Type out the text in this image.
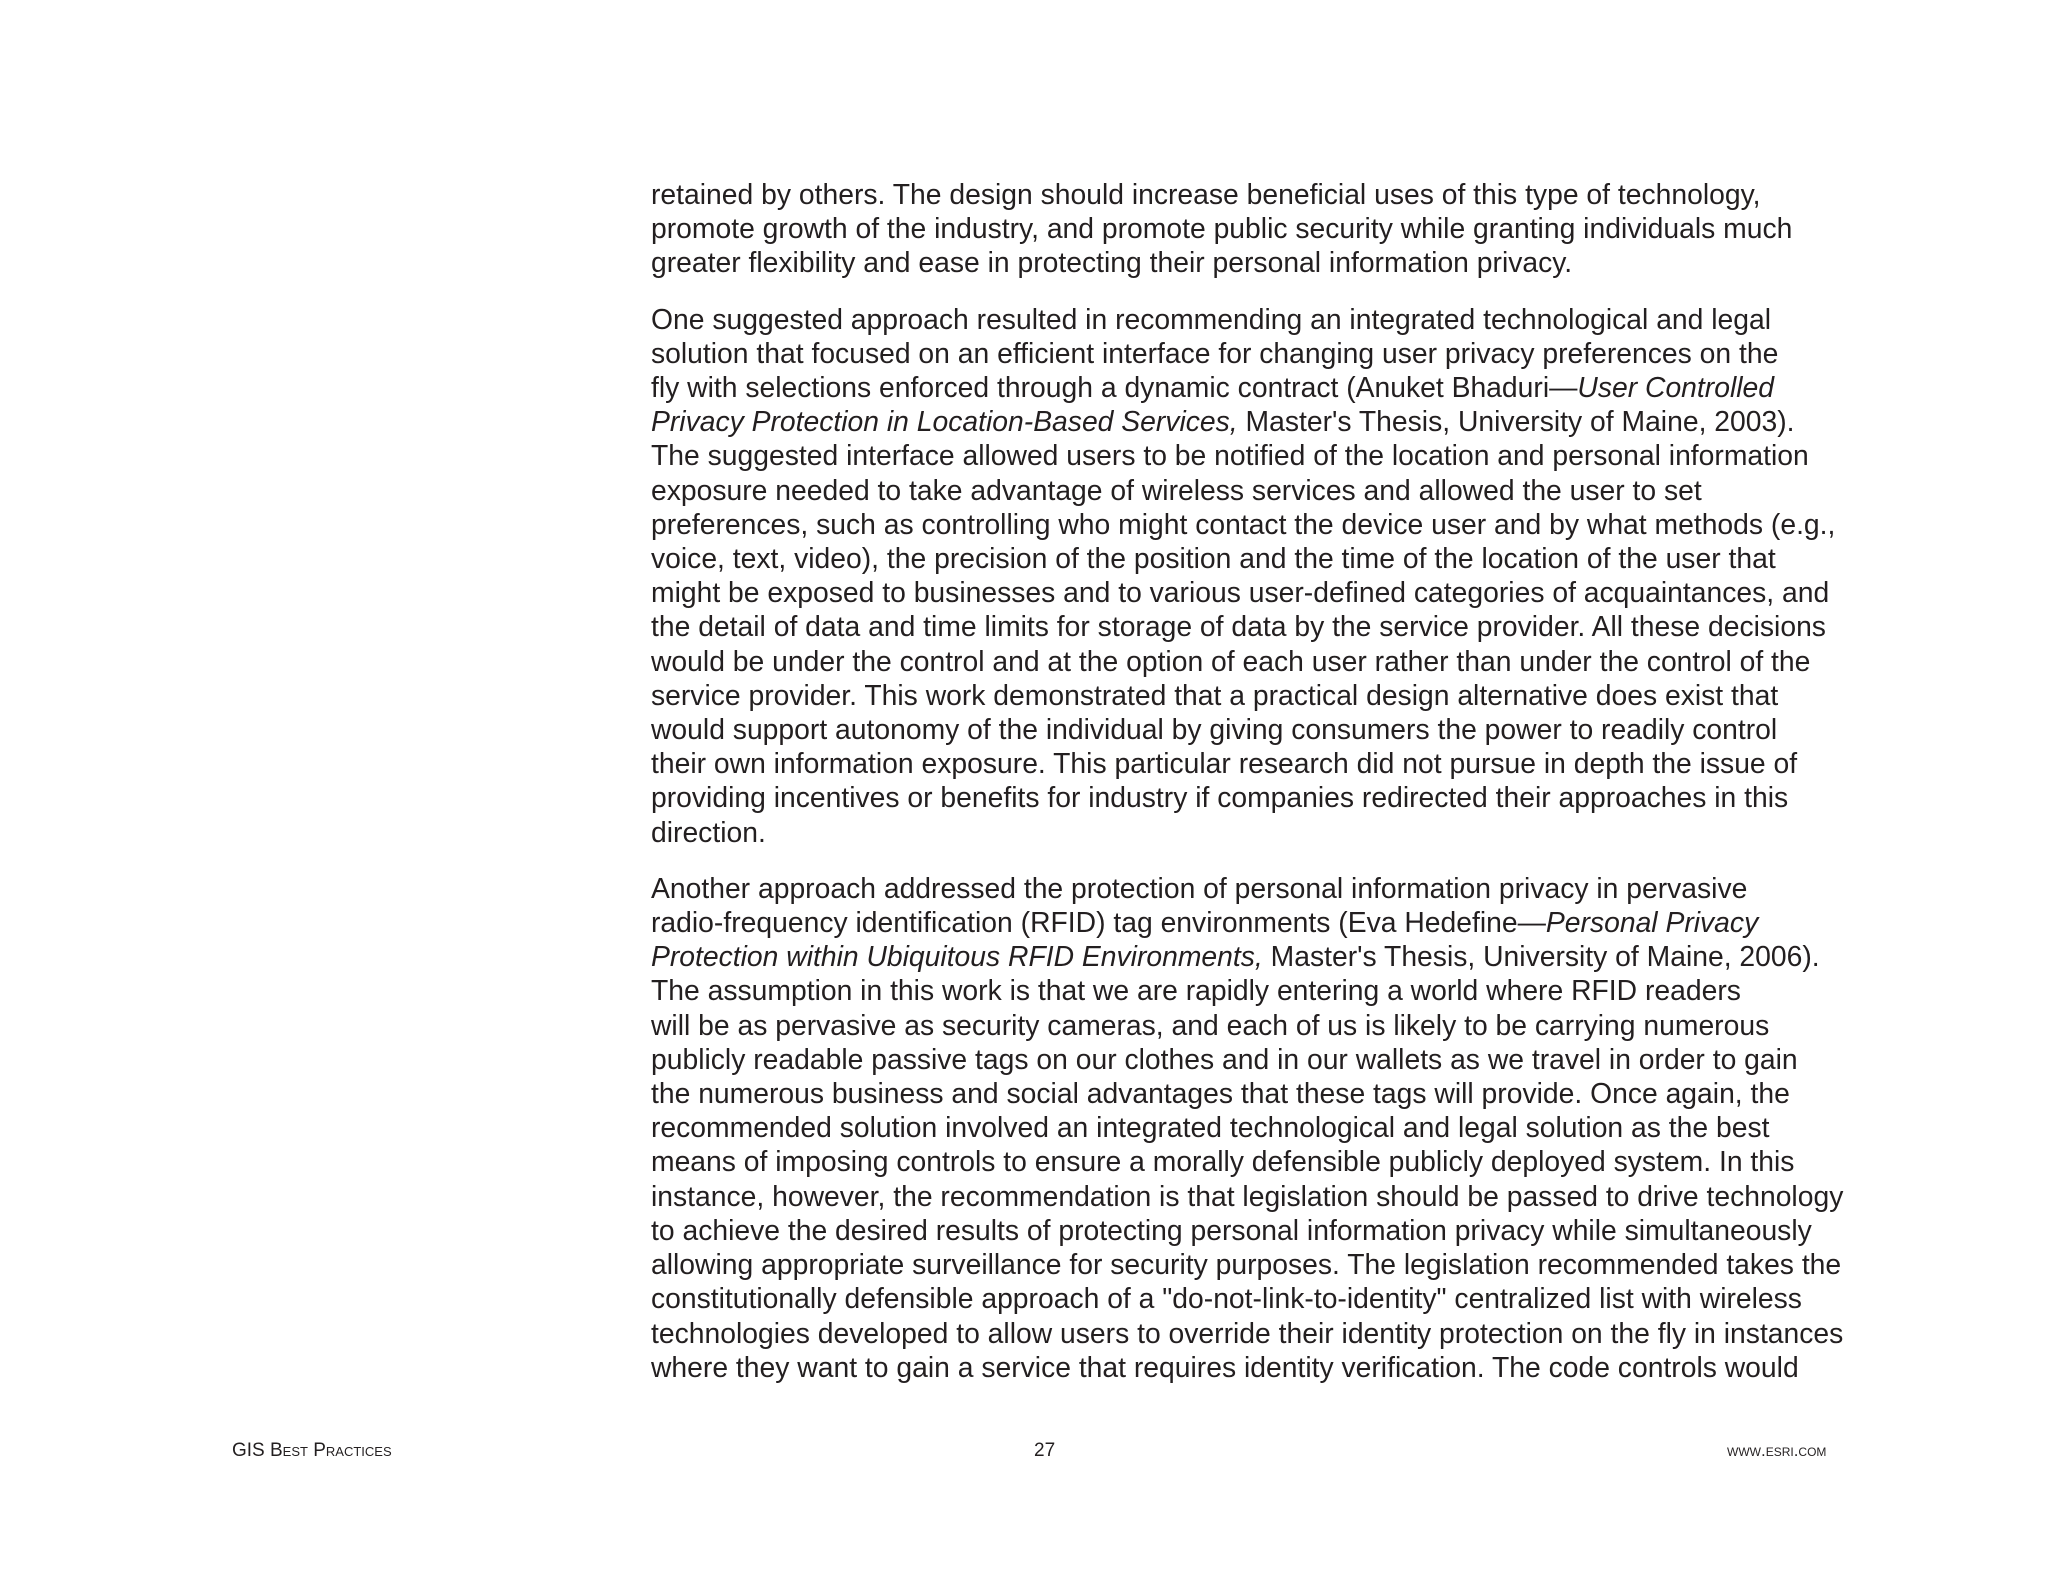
retained by others. The design should increase beneficial uses of this type of technology,
promote growth of the industry, and promote public security while granting individuals much
greater flexibility and ease in protecting their personal information privacy.

One suggested approach resulted in recommending an integrated technological and legal
solution that focused on an efficient interface for changing user privacy preferences on the
fly with selections enforced through a dynamic contract (Anuket Bhaduri—User Controlled
Privacy Protection in Location-Based Services, Master's Thesis, University of Maine, 2003).
The suggested interface allowed users to be notified of the location and personal information
exposure needed to take advantage of wireless services and allowed the user to set
preferences, such as controlling who might contact the device user and by what methods (e.g.,
voice, text, video), the precision of the position and the time of the location of the user that
might be exposed to businesses and to various user-defined categories of acquaintances, and
the detail of data and time limits for storage of data by the service provider. All these decisions
would be under the control and at the option of each user rather than under the control of the
service provider. This work demonstrated that a practical design alternative does exist that
would support autonomy of the individual by giving consumers the power to readily control
their own information exposure. This particular research did not pursue in depth the issue of
providing incentives or benefits for industry if companies redirected their approaches in this
direction.

Another approach addressed the protection of personal information privacy in pervasive
radio-frequency identification (RFID) tag environments (Eva Hedefine—Personal Privacy
Protection within Ubiquitous RFID Environments, Master's Thesis, University of Maine, 2006).
The assumption in this work is that we are rapidly entering a world where RFID readers
will be as pervasive as security cameras, and each of us is likely to be carrying numerous
publicly readable passive tags on our clothes and in our wallets as we travel in order to gain
the numerous business and social advantages that these tags will provide. Once again, the
recommended solution involved an integrated technological and legal solution as the best
means of imposing controls to ensure a morally defensible publicly deployed system. In this
instance, however, the recommendation is that legislation should be passed to drive technology
to achieve the desired results of protecting personal information privacy while simultaneously
allowing appropriate surveillance for security purposes. The legislation recommended takes the
constitutionally defensible approach of a "do-not-link-to-identity" centralized list with wireless
technologies developed to allow users to override their identity protection on the fly in instances
where they want to gain a service that requires identity verification. The code controls would

GIS Best Practices	27	www.esri.com
